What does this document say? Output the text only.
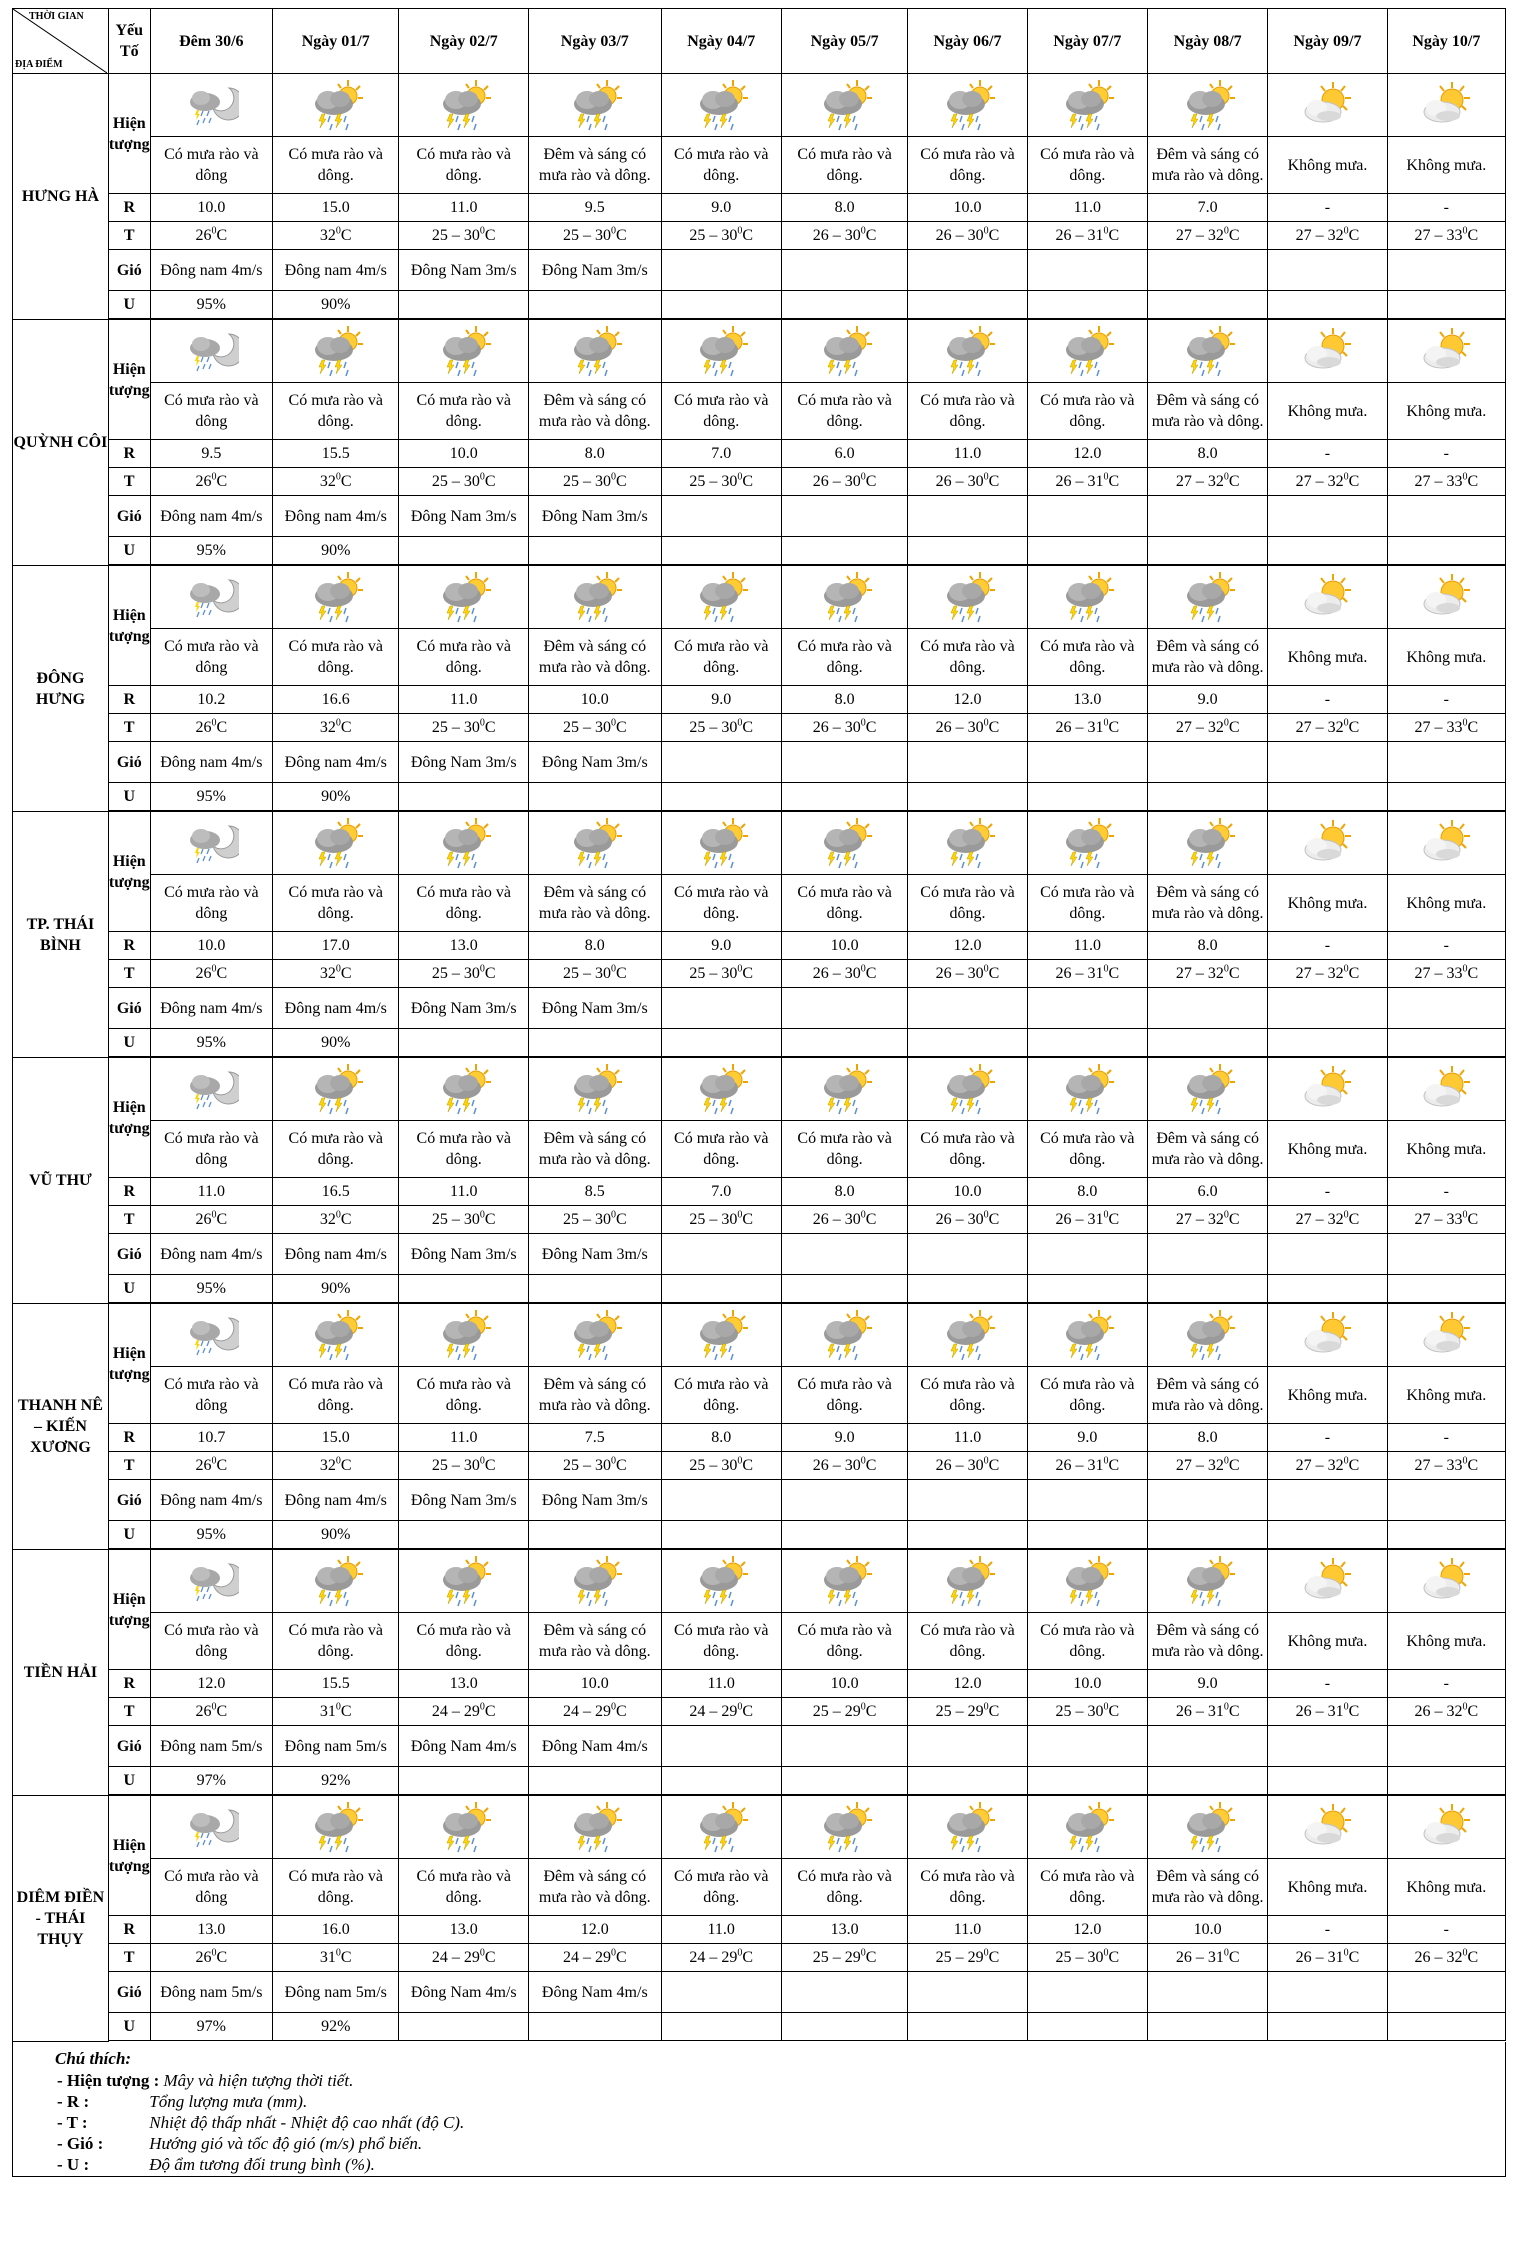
THỜI GIAN
ĐỊA ĐIỂM	Yếu Tố	Đêm 30/6	Ngày 01/7	Ngày 02/7	Ngày 03/7	Ngày 04/7	Ngày 05/7	Ngày 06/7	Ngày 07/7	Ngày 08/7	Ngày 09/7	Ngày 10/7
HƯNG HÀ	Hiện tượng											
		Có mưa rào và dông	Có mưa rào và dông.	Có mưa rào và dông.	Đêm và sáng có mưa rào và dông.	Có mưa rào và dông.	Có mưa rào và dông.	Có mưa rào và dông.	Có mưa rào và dông.	Đêm và sáng có mưa rào và dông.	Không mưa.	Không mưa.
	R	10.0	15.0	11.0	9.5	9.0	8.0	10.0	11.0	7.0	-	-
	T	$26^0C$	$32^0C$	$25 - 30^0C$	$25 - 30^0C$	$25 - 30^0C$	$26 - 30^0C$	$26 - 30^0C$	$26 - 31^0C$	$27 - 32^0C$	$27 - 32^0C$	$27 - 33^0C$
	Gió	Đông nam 4m/s	Đông nam 4m/s	Đông Nam 3m/s	Đông Nam 3m/s							
	U	95%	90%									

QUỲNH CÔI	Hiện tượng											
		Có mưa rào và dông	Có mưa rào và dông.	Có mưa rào và dông.	Đêm và sáng có mưa rào và dông.	Có mưa rào và dông.	Có mưa rào và dông.	Có mưa rào và dông.	Có mưa rào và dông.	Đêm và sáng có mưa rào và dông.	Không mưa.	Không mưa.
	R	9.5	15.5	10.0	8.0	7.0	6.0	11.0	12.0	8.0	-	-
	T	$26^0C$	$32^0C$	$25 - 30^0C$	$25 - 30^0C$	$25 - 30^0C$	$26 - 30^0C$	$26 - 30^0C$	$26 - 31^0C$	$27 - 32^0C$	$27 - 32^0C$	$27 - 33^0C$
	Gió	Đông nam 4m/s	Đông nam 4m/s	Đông Nam 3m/s	Đông Nam 3m/s							
	U	95%	90%									

ĐÔNG HƯNG	Hiện tượng											
		Có mưa rào và dông	Có mưa rào và dông.	Có mưa rào và dông.	Đêm và sáng có mưa rào và dông.	Có mưa rào và dông.	Có mưa rào và dông.	Có mưa rào và dông.	Có mưa rào và dông.	Đêm và sáng có mưa rào và dông.	Không mưa.	Không mưa.
	R	10.2	16.6	11.0	10.0	9.0	8.0	12.0	13.0	9.0	-	-
	T	$26^0C$	$32^0C$	$25 - 30^0C$	$25 - 30^0C$	$25 - 30^0C$	$26 - 30^0C$	$26 - 30^0C$	$26 - 31^0C$	$27 - 32^0C$	$27 - 32^0C$	$27 - 33^0C$
	Gió	Đông nam 4m/s	Đông nam 4m/s	Đông Nam 3m/s	Đông Nam 3m/s							
	U	95%	90%									

TP. THÁI BÌNH	Hiện tượng											
		Có mưa rào và dông	Có mưa rào và dông.	Có mưa rào và dông.	Đêm và sáng có mưa rào và dông.	Có mưa rào và dông.	Có mưa rào và dông.	Có mưa rào và dông.	Có mưa rào và dông.	Đêm và sáng có mưa rào và dông.	Không mưa.	Không mưa.
	R	10.0	17.0	13.0	8.0	9.0	10.0	12.0	11.0	8.0	-	-
	T	$26^0C$	$32^0C$	$25 - 30^0C$	$25 - 30^0C$	$25 - 30^0C$	$26 - 30^0C$	$26 - 30^0C$	$26 - 31^0C$	$27 - 32^0C$	$27 - 32^0C$	$27 - 33^0C$
	Gió	Đông nam 4m/s	Đông nam 4m/s	Đông Nam 3m/s	Đông Nam 3m/s							
	U	95%	90%									

VŨ THƯ	Hiện tượng											
		Có mưa rào và dông	Có mưa rào và dông.	Có mưa rào và dông.	Đêm và sáng có mưa rào và dông.	Có mưa rào và dông.	Có mưa rào và dông.	Có mưa rào và dông.	Có mưa rào và dông.	Đêm và sáng có mưa rào và dông.	Không mưa.	Không mưa.
	R	11.0	16.5	11.0	8.5	7.0	8.0	10.0	8.0	6.0	-	-
	T	$26^0C$	$32^0C$	$25 - 30^0C$	$25 - 30^0C$	$25 - 30^0C$	$26 - 30^0C$	$26 - 30^0C$	$26 - 31^0C$	$27 - 32^0C$	$27 - 32^0C$	$27 - 33^0C$
	Gió	Đông nam 4m/s	Đông nam 4m/s	Đông Nam 3m/s	Đông Nam 3m/s							
	U	95%	90%									

THANH NÊ – KIẾN XƯƠNG	Hiện tượng											
		Có mưa rào và dông	Có mưa rào và dông.	Có mưa rào và dông.	Đêm và sáng có mưa rào và dông.	Có mưa rào và dông.	Có mưa rào và dông.	Có mưa rào và dông.	Có mưa rào và dông.	Đêm và sáng có mưa rào và dông.	Không mưa.	Không mưa.
	R	10.7	15.0	11.0	7.5	8.0	9.0	11.0	9.0	8.0	-	-
	T	$26^0C$	$32^0C$	$25 - 30^0C$	$25 - 30^0C$	$25 - 30^0C$	$26 - 30^0C$	$26 - 30^0C$	$26 - 31^0C$	$27 - 32^0C$	$27 - 32^0C$	$27 - 33^0C$
	Gió	Đông nam 4m/s	Đông nam 4m/s	Đông Nam 3m/s	Đông Nam 3m/s							
	U	95%	90%									

TIỀN HẢI	Hiện tượng											
		Có mưa rào và dông	Có mưa rào và dông.	Có mưa rào và dông.	Đêm và sáng có mưa rào và dông.	Có mưa rào và dông.	Có mưa rào và dông.	Có mưa rào và dông.	Có mưa rào và dông.	Đêm và sáng có mưa rào và dông.	Không mưa.	Không mưa.
	R	12.0	15.5	13.0	10.0	11.0	10.0	12.0	10.0	9.0	-	-
	T	$26^0C$	$31^0C$	$24 - 29^0C$	$24 - 29^0C$	$24 - 29^0C$	$25 - 29^0C$	$25 - 29^0C$	$25 - 30^0C$	$26 - 31^0C$	$26 - 31^0C$	$26 - 32^0C$
	Gió	Đông nam 5m/s	Đông nam 5m/s	Đông Nam 4m/s	Đông Nam 4m/s							
	U	97%	92%									

DIÊM ĐIỀN - THÁI THỤY	Hiện tượng											
		Có mưa rào và dông	Có mưa rào và dông.	Có mưa rào và dông.	Đêm và sáng có mưa rào và dông.	Có mưa rào và dông.	Có mưa rào và dông.	Có mưa rào và dông.	Có mưa rào và dông.	Đêm và sáng có mưa rào và dông.	Không mưa.	Không mưa.
	R	13.0	16.0	13.0	12.0	11.0	13.0	11.0	12.0	10.0	-	-
	T	$26^0C$	$31^0C$	$24 - 29^0C$	$24 - 29^0C$	$24 - 29^0C$	$25 - 29^0C$	$25 - 29^0C$	$25 - 30^0C$	$26 - 31^0C$	$26 - 31^0C$	$26 - 32^0C$
	Gió	Đông nam 5m/s	Đông nam 5m/s	Đông Nam 4m/s	Đông Nam 4m/s							
	U	97%	92%									

Chú thích:
- Hiện tượng : Mây và hiện tượng thời tiết.
- R :	Tổng lượng mưa (mm).
- T :	Nhiệt độ thấp nhất - Nhiệt độ cao nhất (độ C).
- Gió :	Hướng gió và tốc độ gió (m/s) phổ biến.
- U :	Độ ẩm tương đối trung bình (%).
